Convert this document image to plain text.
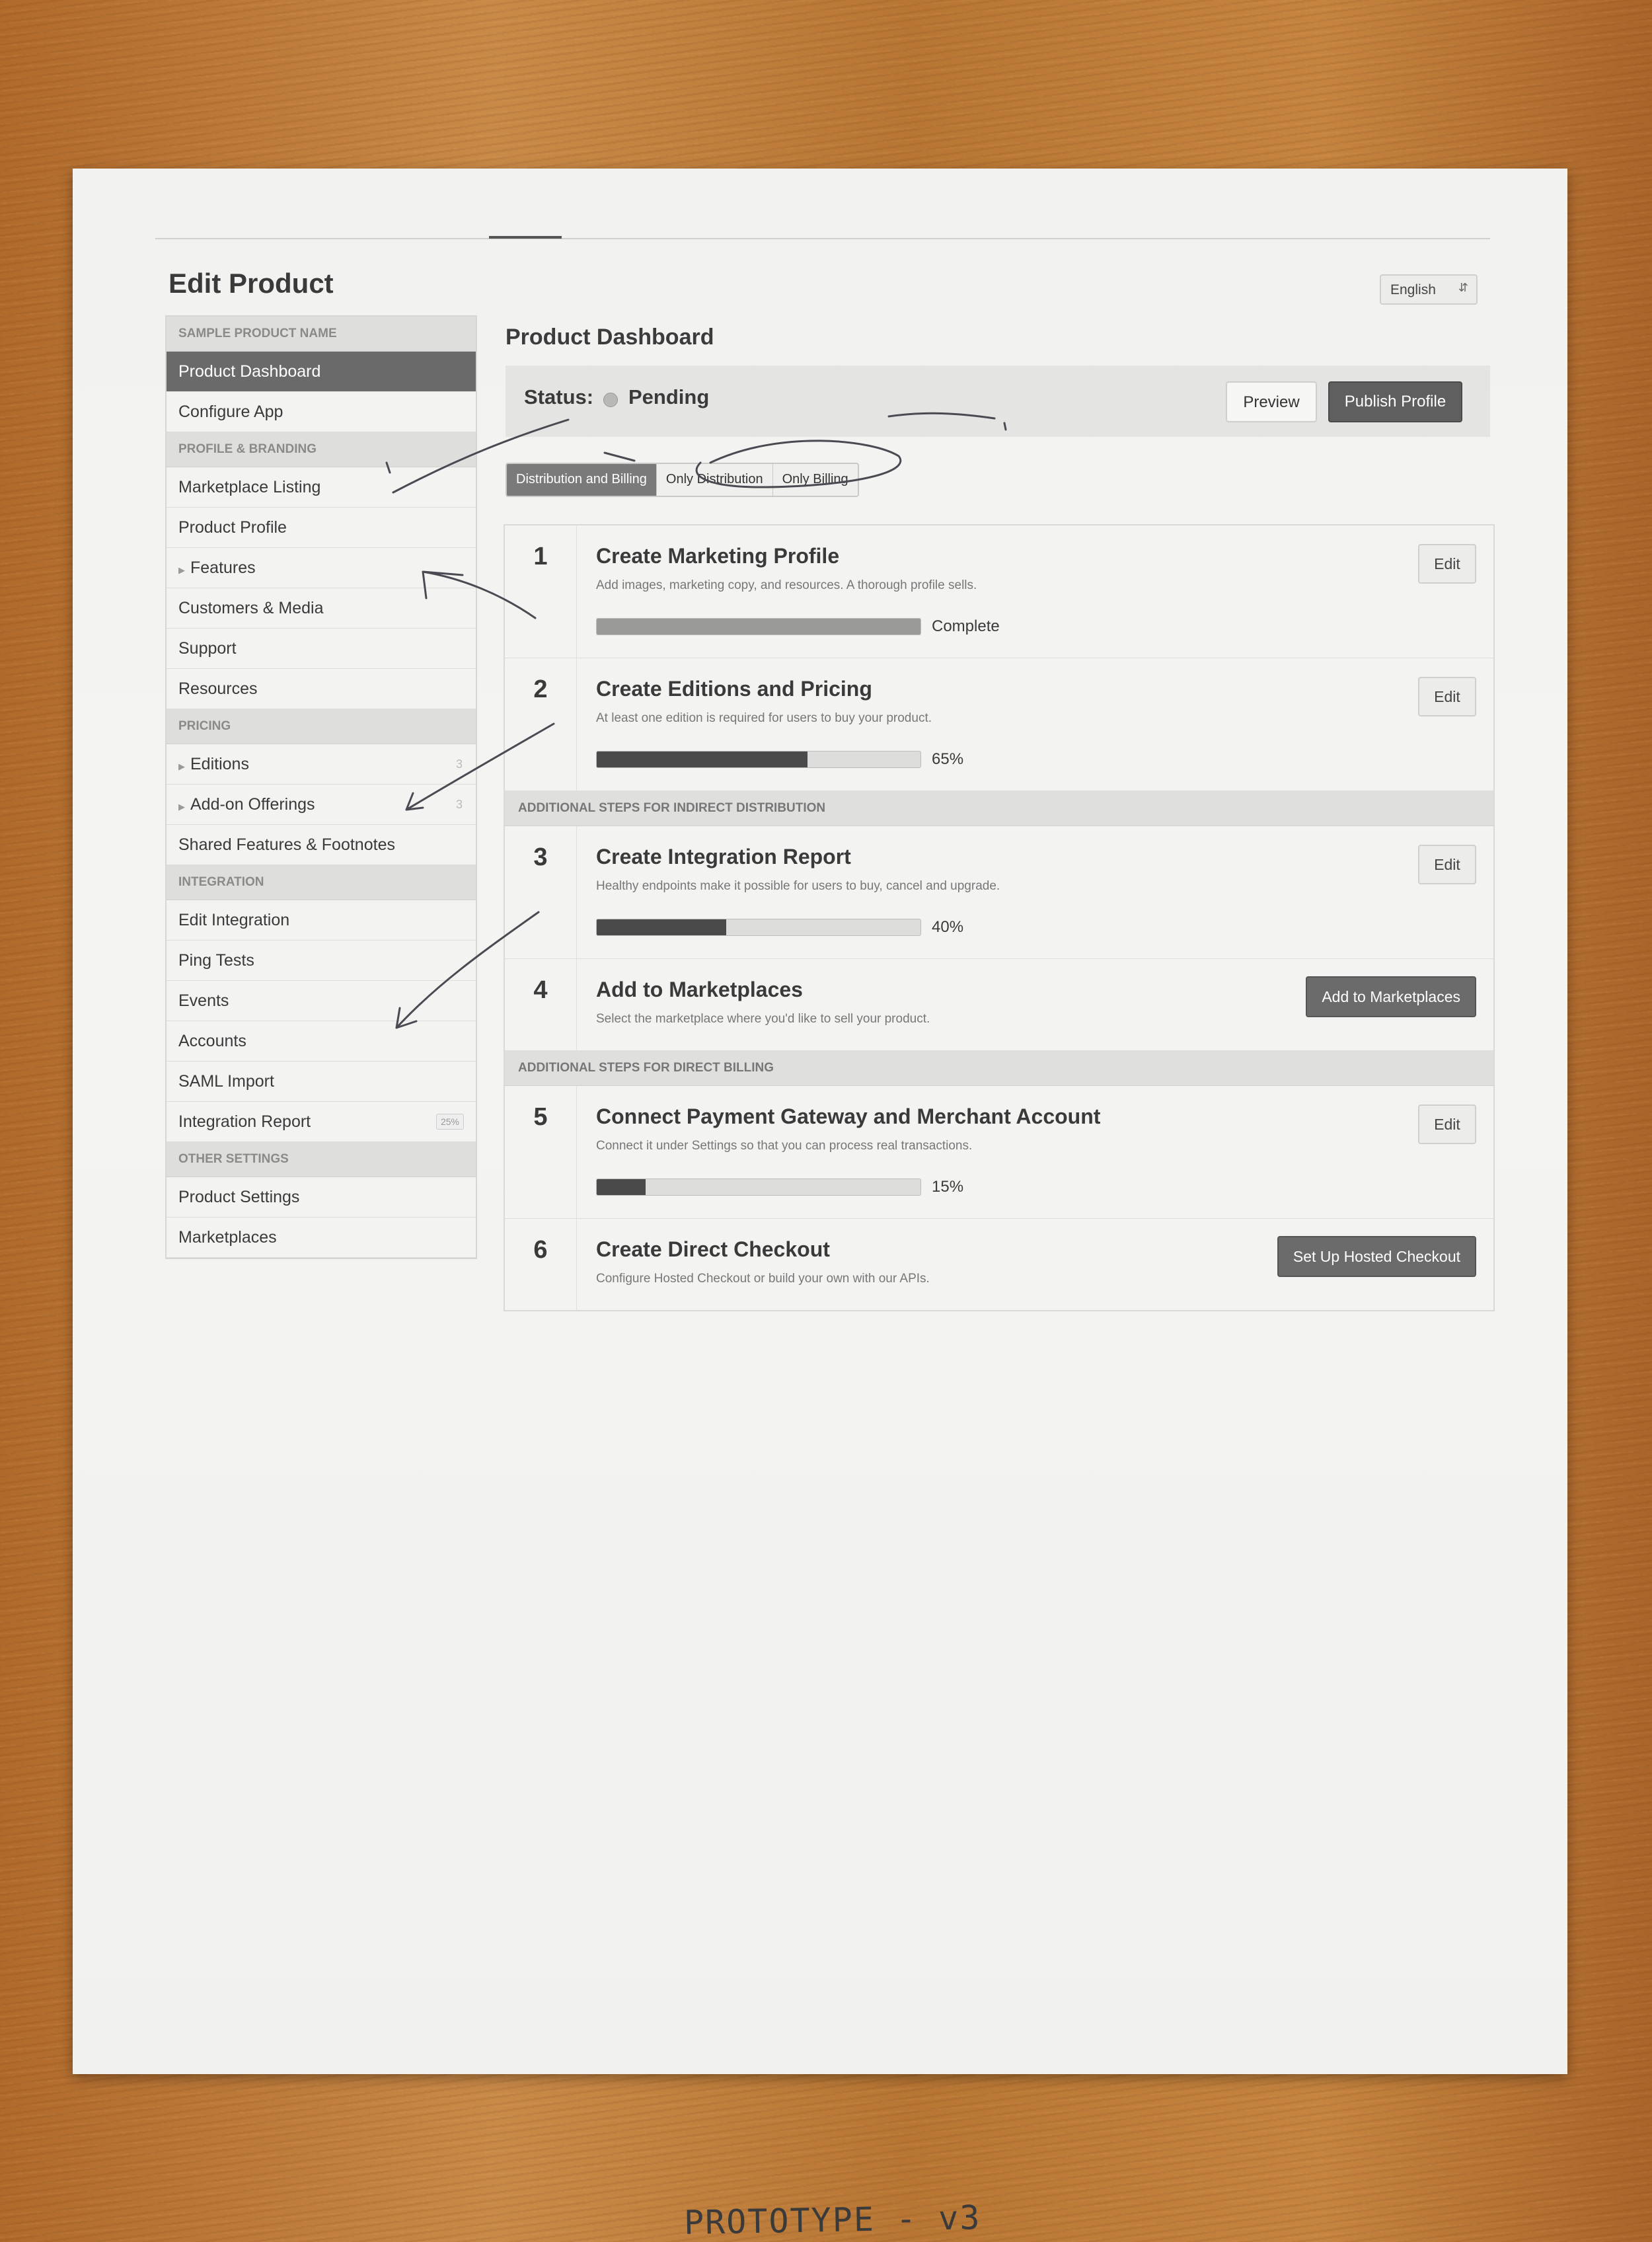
Edit Product	English ⇵
SAMPLE PRODUCT NAME
Product Dashboard
Configure App
PROFILE & BRANDING
Marketplace Listing
Product Profile
▶ Features
Customers & Media
Support
Resources
PRICING
▶ Editions	3
▶ Add-on Offerings	3
Shared Features & Footnotes
INTEGRATION
Edit Integration
Ping Tests
Events
Accounts
SAML Import
Integration Report	25%
OTHER SETTINGS
Product Settings
Marketplaces
Product Dashboard
Status: Pending	Preview	Publish Profile
Distribution and Billing	Only Distribution	Only Billing
1	Create Marketing Profile
Add images, marketing copy, and resources. A thorough profile sells.
Complete
Edit
2	Create Editions and Pricing
At least one edition is required for users to buy your product.
65%
Edit
ADDITIONAL STEPS FOR INDIRECT DISTRIBUTION
3	Create Integration Report
Healthy endpoints make it possible for users to buy, cancel and upgrade.
40%
Edit
4	Add to Marketplaces
Select the marketplace where you'd like to sell your product.
Add to Marketplaces
ADDITIONAL STEPS FOR DIRECT BILLING
5	Connect Payment Gateway and Merchant Account
Connect it under Settings so that you can process real transactions.
15%
Edit
6	Create Direct Checkout
Configure Hosted Checkout or build your own with our APIs.
Set Up Hosted Checkout
PROTOTYPE - v3
